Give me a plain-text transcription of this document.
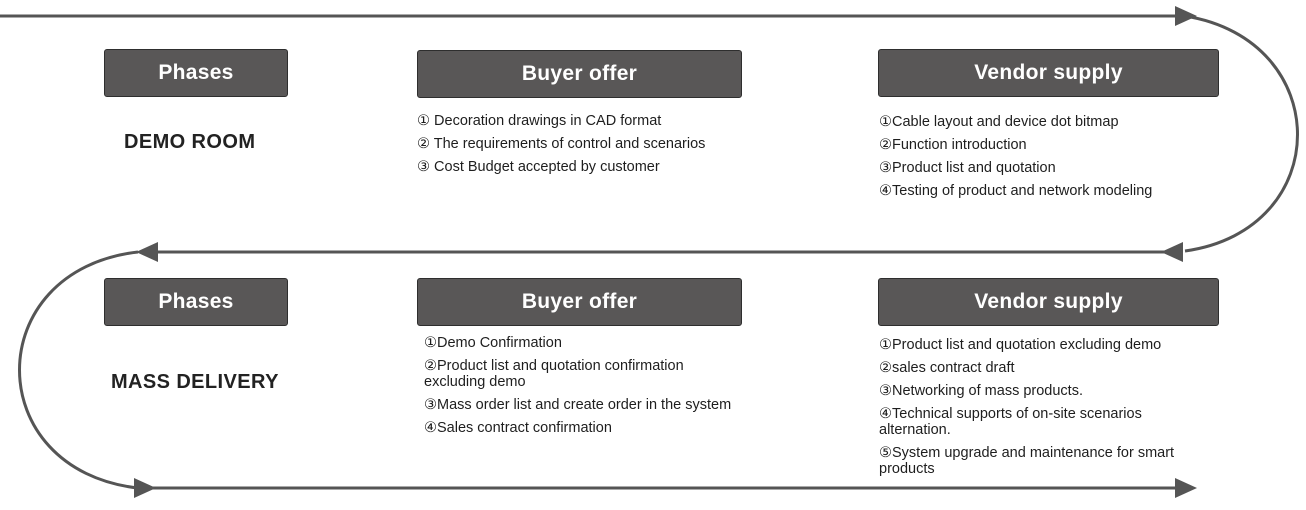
Phases	Buyer offer	Vendor supply
DEMO ROOM
① Decoration drawings in CAD format
② The requirements of control and scenarios
③ Cost Budget accepted by customer
①Cable layout and device dot bitmap
②Function introduction
③Product list and quotation
④Testing of product and network modeling
Phases	Buyer offer	Vendor supply
MASS DELIVERY
①Demo Confirmation
②Product list and quotation confirmation excluding demo
③Mass order list and create order in the system
④Sales contract confirmation
①Product list and quotation excluding demo
②sales contract draft
③Networking of mass products.
④Technical supports of on-site scenarios alternation.
⑤System upgrade and maintenance for smart products
